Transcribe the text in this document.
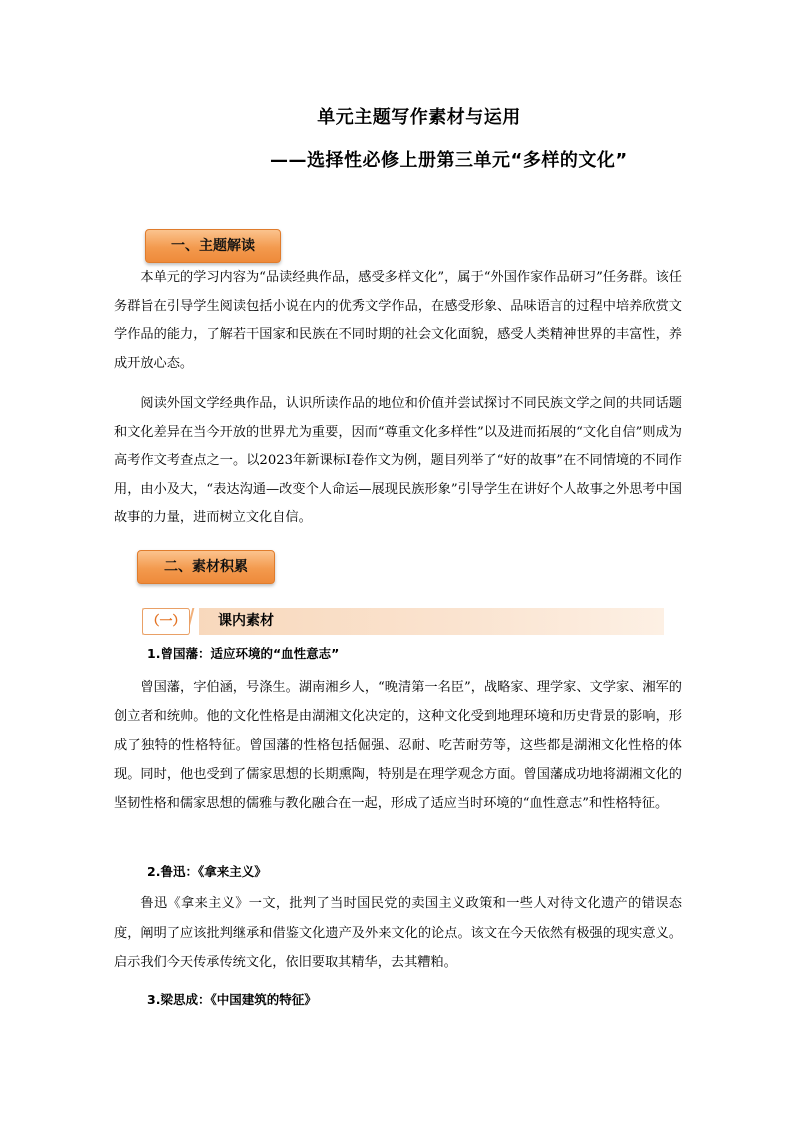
单元主题写作素材与运用
——选择性必修上册第三单元“多样的文化”
一、主题解读

本单元的学习内容为“品读经典作品，感受多样文化”，属于“外国作家作品研习”任务群。该任务群旨在引导学生阅读包括小说在内的优秀文学作品，在感受形象、品味语言的过程中培养欣赏文学作品的能力，了解若干国家和民族在不同时期的社会文化面貌，感受人类精神世界的丰富性，养成开放心态。

阅读外国文学经典作品，认识所读作品的地位和价值并尝试探讨不同民族文学之间的共同话题和文化差异在当今开放的世界尤为重要，因而“尊重文化多样性”以及进而拓展的“文化自信”则成为高考作文考查点之一。以2023年新课标Ⅰ卷作文为例，题目列举了“好的故事”在不同情境的不同作用，由小及大，“表达沟通—改变个人命运—展现民族形象”引导学生在讲好个人故事之外思考中国故事的力量，进而树立文化自信。

二、素材积累
（一）	课内素材
1.曾国藩：适应环境的“血性意志”

曾国藩，字伯涵，号涤生。湖南湘乡人，“晚清第一名臣”，战略家、理学家、文学家、湘军的创立者和统帅。他的文化性格是由湖湘文化决定的，这种文化受到地理环境和历史背景的影响，形成了独特的性格特征。曾国藩的性格包括倔强、忍耐、吃苦耐劳等，这些都是湖湘文化性格的体现。同时，他也受到了儒家思想的长期熏陶，特别是在理学观念方面。曾国藩成功地将湖湘文化的坚韧性格和儒家思想的儒雅与教化融合在一起，形成了适应当时环境的“血性意志”和性格特征。

2.鲁迅：《拿来主义》

鲁迅《拿来主义》一文，批判了当时国民党的卖国主义政策和一些人对待文化遗产的错误态度，阐明了应该批判继承和借鉴文化遗产及外来文化的论点。该文在今天依然有极强的现实意义。启示我们今天传承传统文化，依旧要取其精华，去其糟粕。

3.梁思成：《中国建筑的特征》
